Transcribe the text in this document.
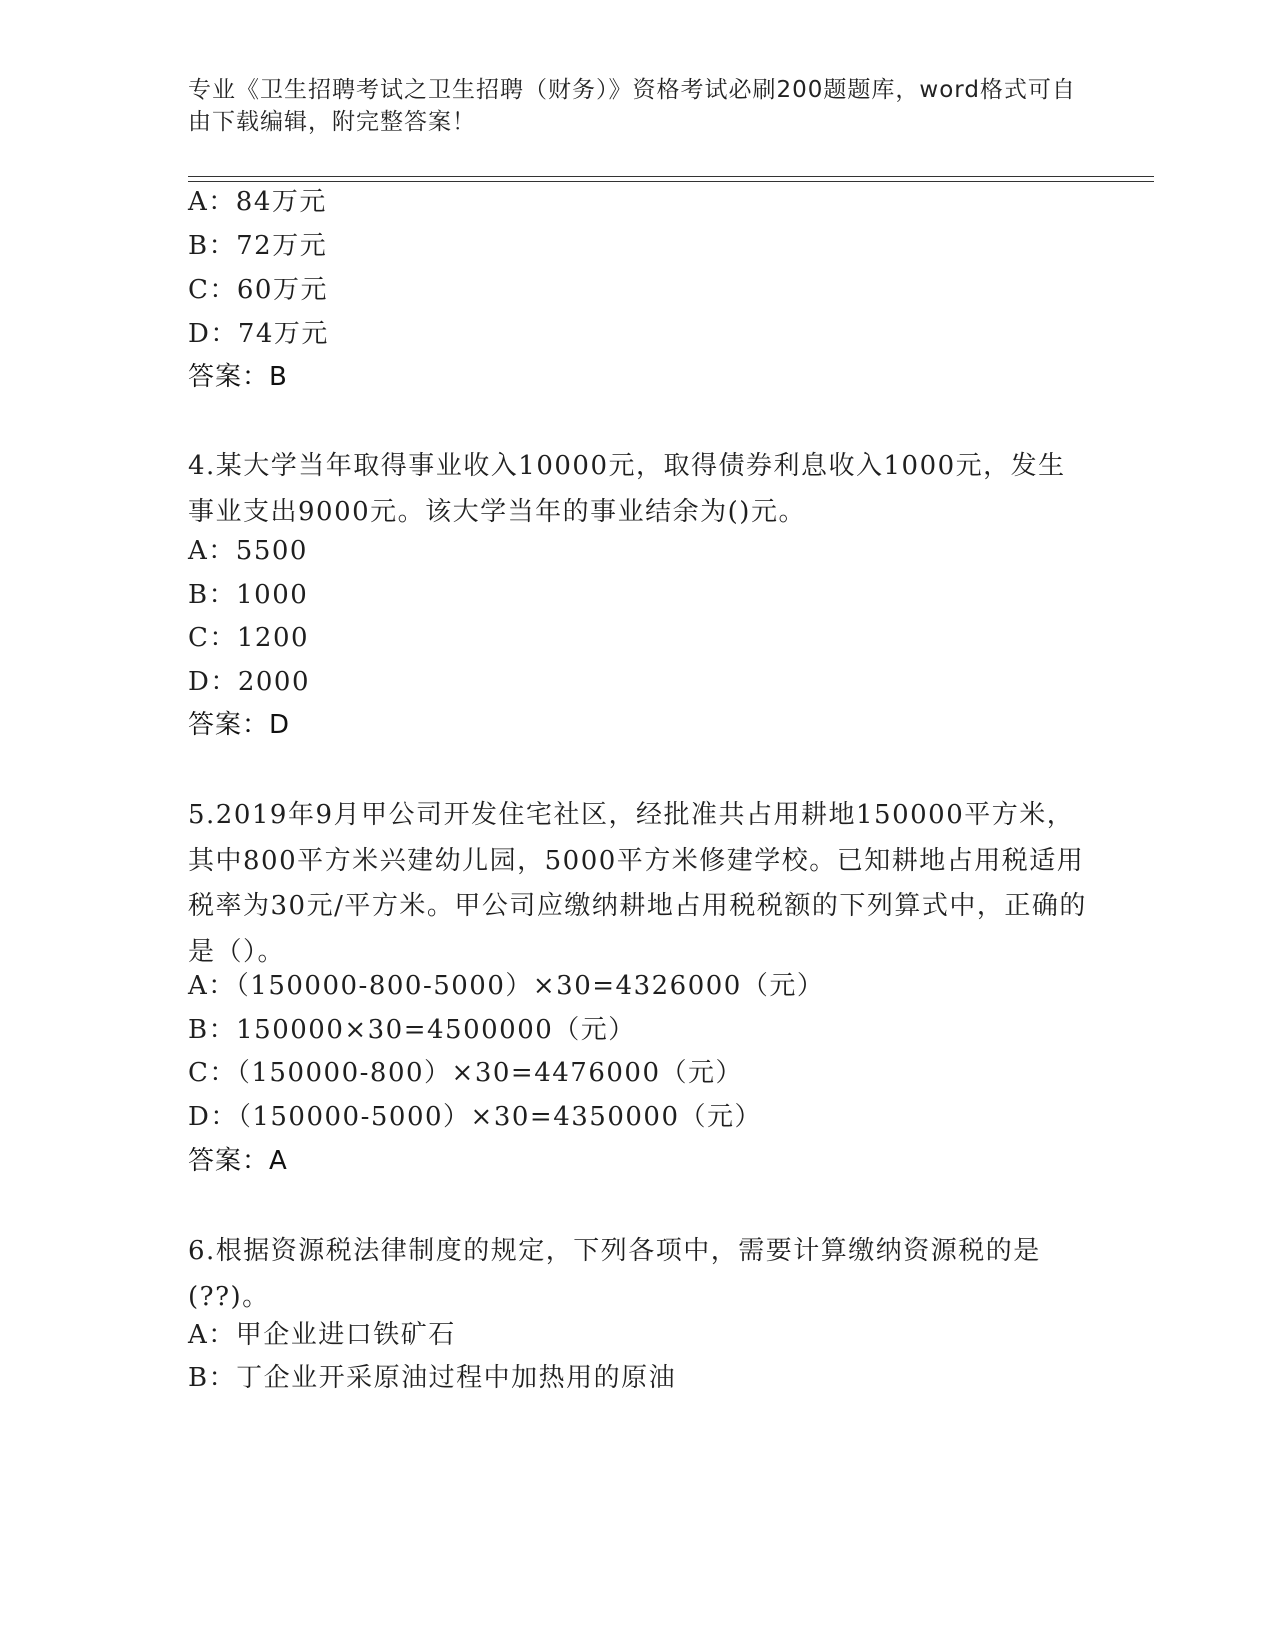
专业《卫生招聘考试之卫生招聘（财务）》资格考试必刷200题题库，word格式可自由下载编辑，附完整答案！
A：84万元
B：72万元
C：60万元
D：74万元
答案：B
4.某大学当年取得事业收入10000元，取得债券利息收入1000元，发生事业支出9000元。该大学当年的事业结余为()元。
A：5500
B：1000
C：1200
D：2000
答案：D
5.2019年9月甲公司开发住宅社区，经批准共占用耕地150000平方米，其中800平方米兴建幼儿园，5000平方米修建学校。已知耕地占用税适用税率为30元/平方米。甲公司应缴纳耕地占用税税额的下列算式中，正确的是（）。
A：（150000-800-5000）×30=4326000（元）
B：150000×30=4500000（元）
C：（150000-800）×30=4476000（元）
D：（150000-5000）×30=4350000（元）
答案：A
6.根据资源税法律制度的规定，下列各项中，需要计算缴纳资源税的是(??)。
A：甲企业进口铁矿石
B：丁企业开采原油过程中加热用的原油
